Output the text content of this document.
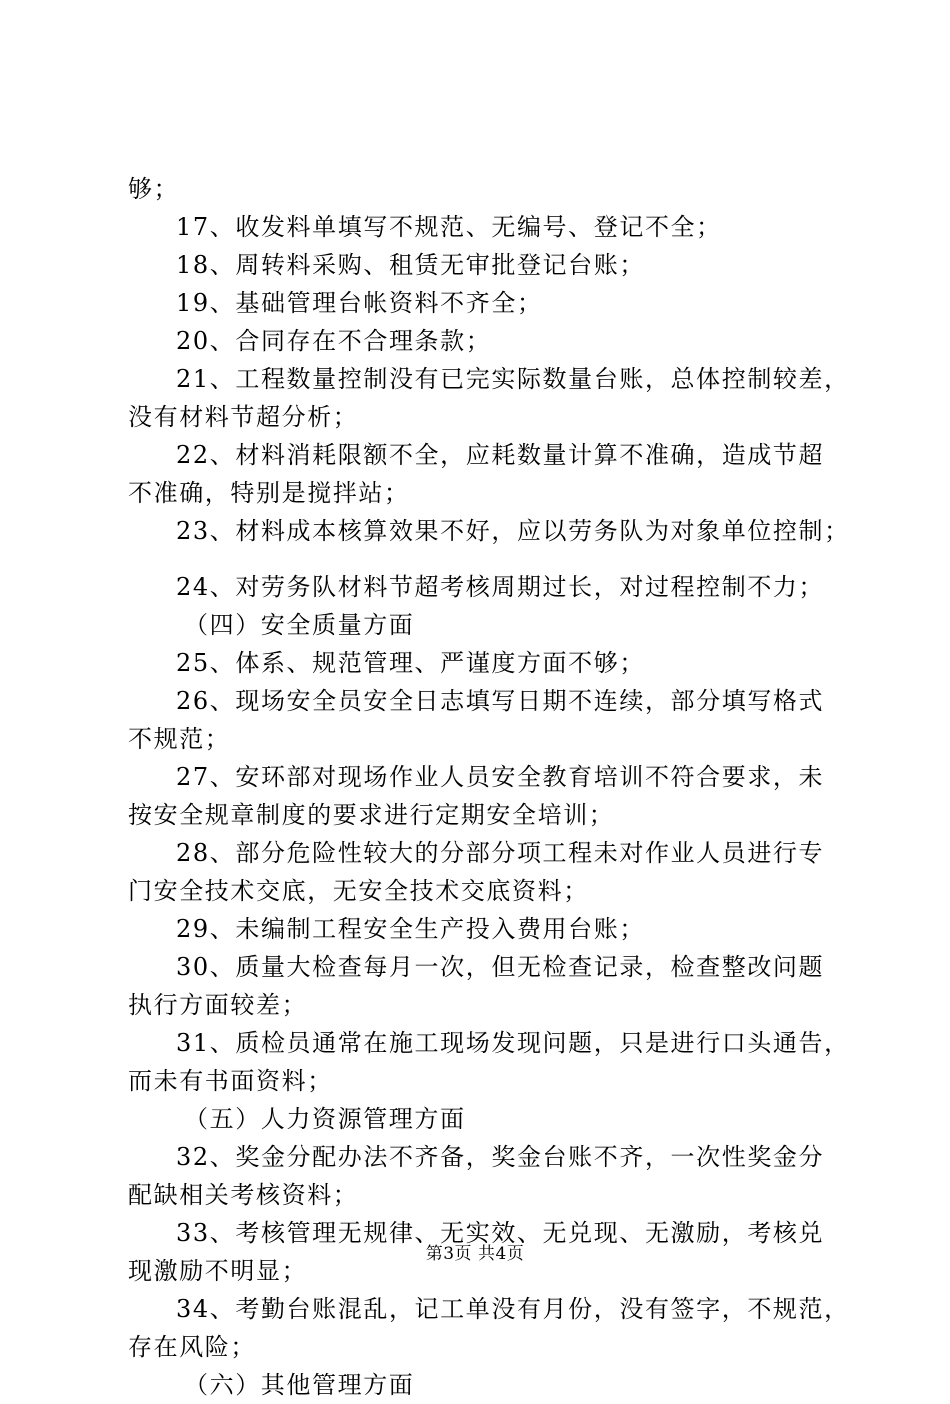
够；
17、收发料单填写不规范、无编号、登记不全；
18、周转料采购、租赁无审批登记台账；
19、基础管理台帐资料不齐全；
20、合同存在不合理条款；
21、工程数量控制没有已完实际数量台账，总体控制较差，
没有材料节超分析；
22、材料消耗限额不全，应耗数量计算不准确，造成节超
不准确，特别是搅拌站；
23、材料成本核算效果不好，应以劳务队为对象单位控制；
24、对劳务队材料节超考核周期过长，对过程控制不力；
（四）安全质量方面
25、体系、规范管理、严谨度方面不够；
26、现场安全员安全日志填写日期不连续，部分填写格式
不规范；
27、安环部对现场作业人员安全教育培训不符合要求，未
按安全规章制度的要求进行定期安全培训；
28、部分危险性较大的分部分项工程未对作业人员进行专
门安全技术交底，无安全技术交底资料；
29、未编制工程安全生产投入费用台账；
30、质量大检查每月一次，但无检查记录，检查整改问题
执行方面较差；
31、质检员通常在施工现场发现问题，只是进行口头通告，
而未有书面资料；
（五）人力资源管理方面
32、奖金分配办法不齐备，奖金台账不齐，一次性奖金分
配缺相关考核资料；
33、考核管理无规律、无实效、无兑现、无激励，考核兑
现激励不明显；
34、考勤台账混乱，记工单没有月份，没有签字，不规范，
存在风险；
（六）其他管理方面
第3页 共4页
